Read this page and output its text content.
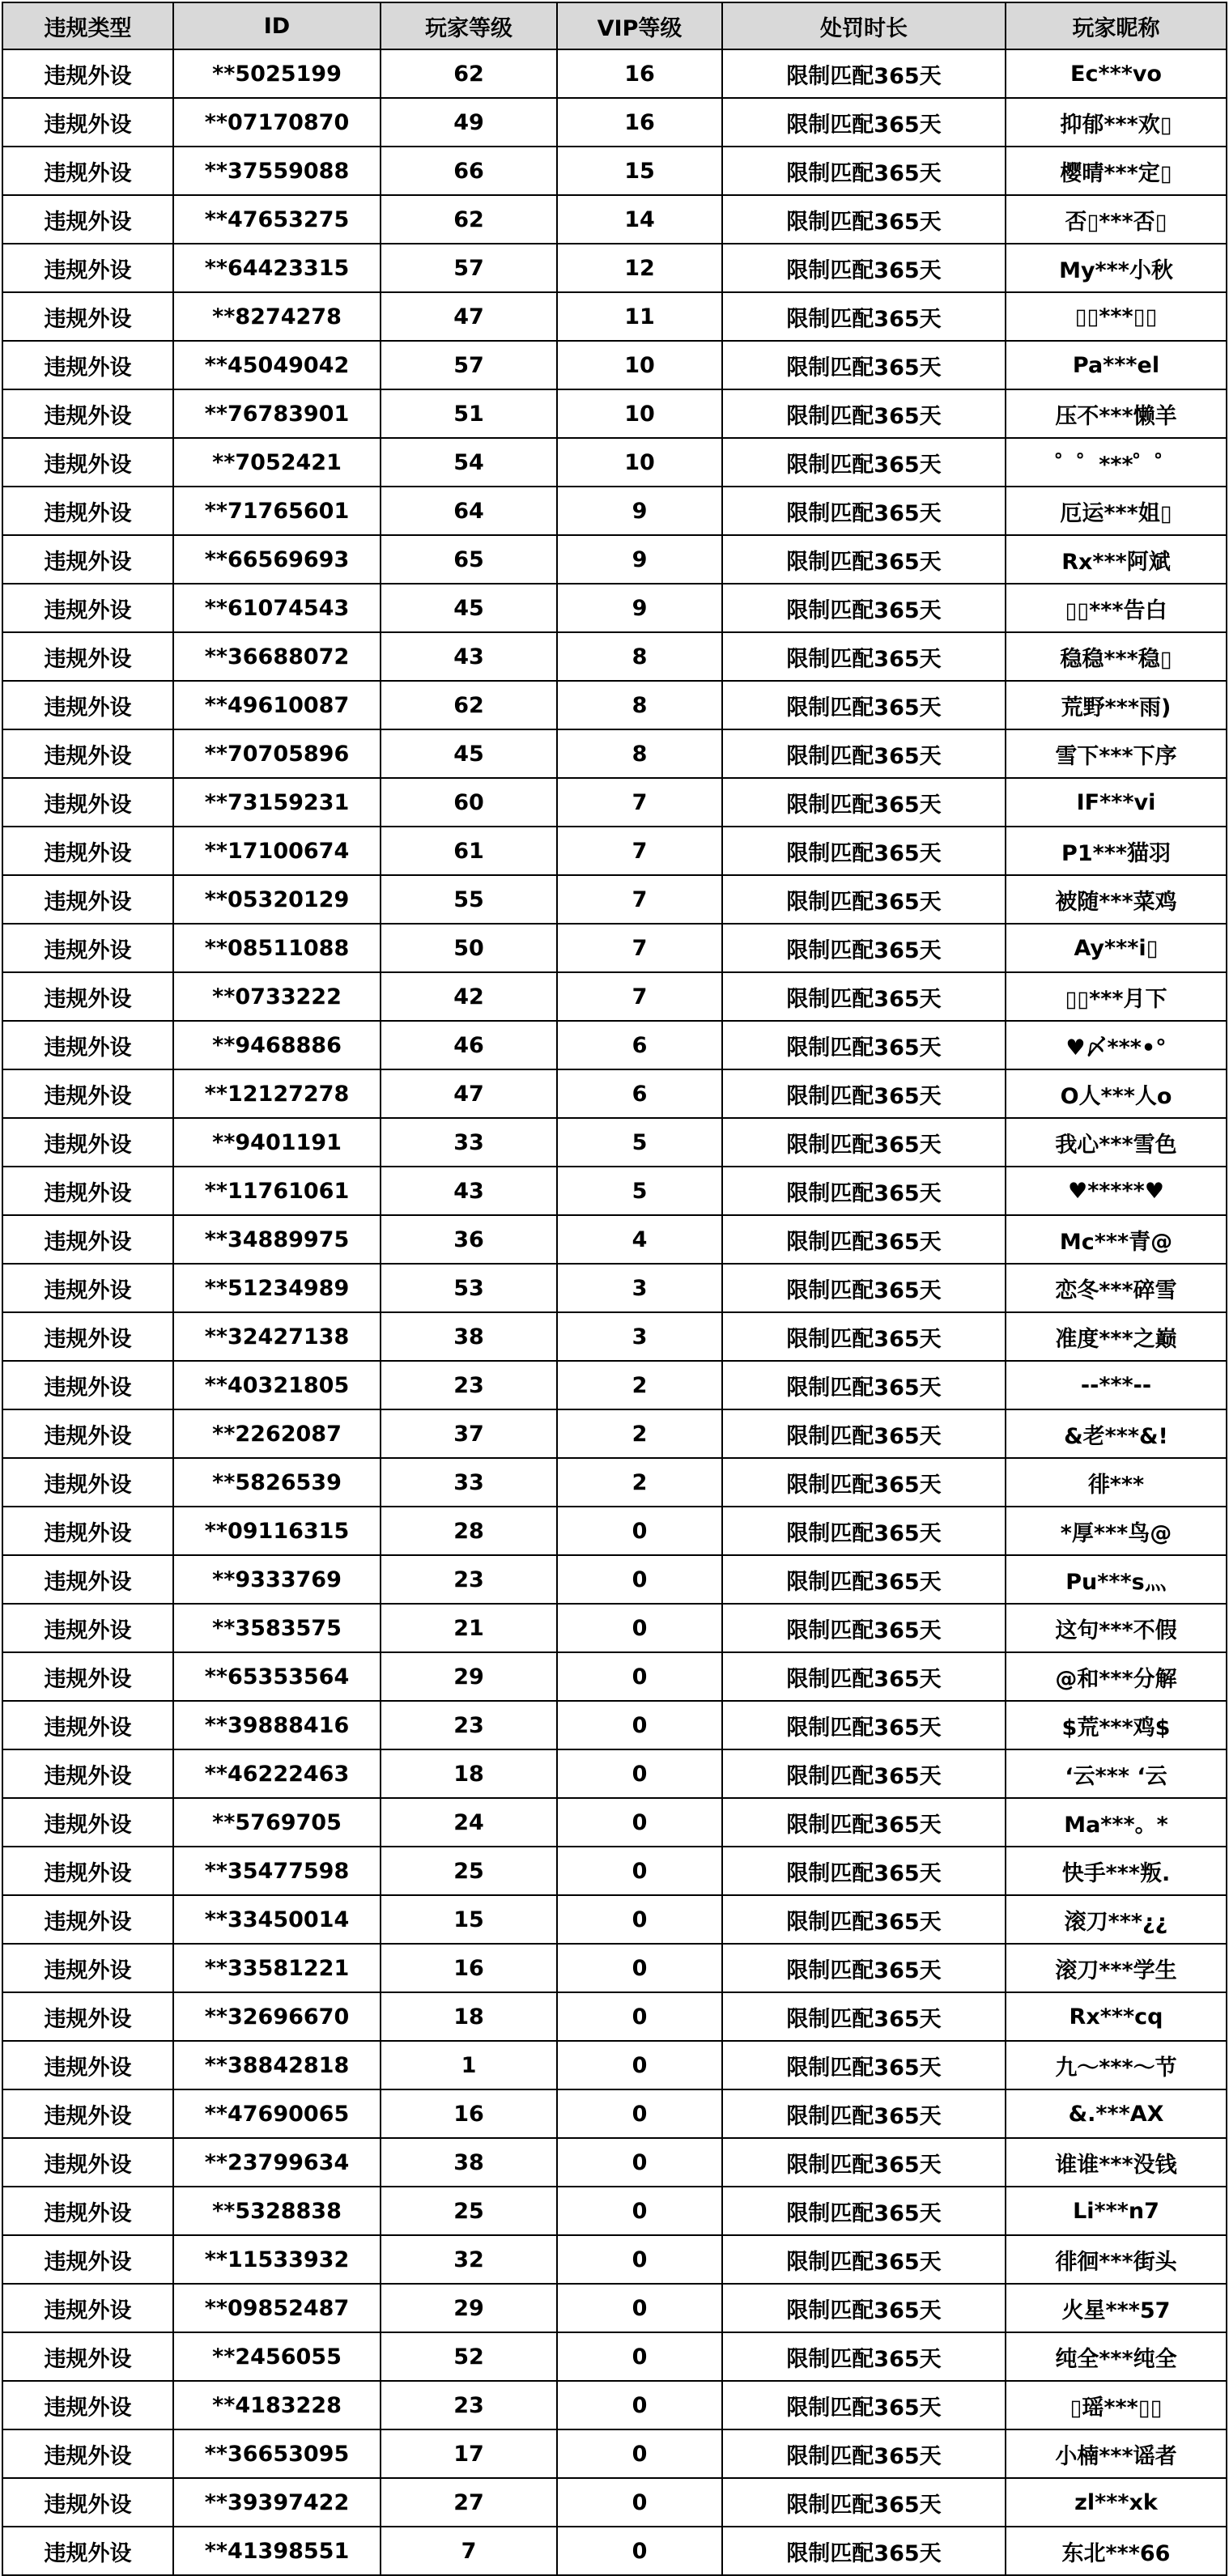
违规类型	ID	玩家等级	VIP等级	处罚时长	玩家昵称
违规外设	**5025199	62	16	限制匹配365天	Ec***vo
违规外设	**07170870	49	16	限制匹配365天	抑郁***欢▯
违规外设	**37559088	66	15	限制匹配365天	樱晴***定▯
违规外设	**47653275	62	14	限制匹配365天	否▯***否▯
违规外设	**64423315	57	12	限制匹配365天	My***小秋
违规外设	**8274278	47	11	限制匹配365天	▯▯***▯▯
违规外设	**45049042	57	10	限制匹配365天	Pa***el
违规外设	**76783901	51	10	限制匹配365天	压不***懒羊
违规外设	**7052421	54	10	限制匹配365天	゜゜***゜゜
违规外设	**71765601	64	9	限制匹配365天	厄运***姐▯
违规外设	**66569693	65	9	限制匹配365天	Rx***阿斌
违规外设	**61074543	45	9	限制匹配365天	▯▯***告白
违规外设	**36688072	43	8	限制匹配365天	稳稳***稳▯
违规外设	**49610087	62	8	限制匹配365天	荒野***雨)
违规外设	**70705896	45	8	限制匹配365天	雪下***下序
违规外设	**73159231	60	7	限制匹配365天	IF***vi
违规外设	**17100674	61	7	限制匹配365天	P1***猫羽
违规外设	**05320129	55	7	限制匹配365天	被随***菜鸡
违规外设	**08511088	50	7	限制匹配365天	Ay***i▯
违规外设	**0733222	42	7	限制匹配365天	▯▯***月下
违规外设	**9468886	46	6	限制匹配365天	♥〆***•°
违规外设	**12127278	47	6	限制匹配365天	O人***人o
违规外设	**9401191	33	5	限制匹配365天	我心***雪色
违规外设	**11761061	43	5	限制匹配365天	♥*****♥
违规外设	**34889975	36	4	限制匹配365天	Mc***青@
违规外设	**51234989	53	3	限制匹配365天	恋冬***碎雪
违规外设	**32427138	38	3	限制匹配365天	准度***之巅
违规外设	**40321805	23	2	限制匹配365天	--***--
违规外设	**2262087	37	2	限制匹配365天	&老***&!
违规外设	**5826539	33	2	限制匹配365天	徘***
违规外设	**09116315	28	0	限制匹配365天	*厚***鸟@
违规外设	**9333769	23	0	限制匹配365天	Pu***s灬
违规外设	**3583575	21	0	限制匹配365天	这句***不假
违规外设	**65353564	29	0	限制匹配365天	@和***分解
违规外设	**39888416	23	0	限制匹配365天	$荒***鸡$
违规外设	**46222463	18	0	限制匹配365天	‘云*** ‘云
违规外设	**5769705	24	0	限制匹配365天	Ma***。*
违规外设	**35477598	25	0	限制匹配365天	快手***叛.
违规外设	**33450014	15	0	限制匹配365天	滚刀***¿¿
违规外设	**33581221	16	0	限制匹配365天	滚刀***学生
违规外设	**32696670	18	0	限制匹配365天	Rx***cq
违规外设	**38842818	1	0	限制匹配365天	九～***～节
违规外设	**47690065	16	0	限制匹配365天	&.***AX
违规外设	**23799634	38	0	限制匹配365天	谁谁***没钱
违规外设	**5328838	25	0	限制匹配365天	Li***n7
违规外设	**11533932	32	0	限制匹配365天	徘徊***街头
违规外设	**09852487	29	0	限制匹配365天	火星***57
违规外设	**2456055	52	0	限制匹配365天	纯全***纯全
违规外设	**4183228	23	0	限制匹配365天	▯瑶***▯▯
违规外设	**36653095	17	0	限制匹配365天	小楠***谣者
违规外设	**39397422	27	0	限制匹配365天	zl***xk
违规外设	**41398551	7	0	限制匹配365天	东北***66
